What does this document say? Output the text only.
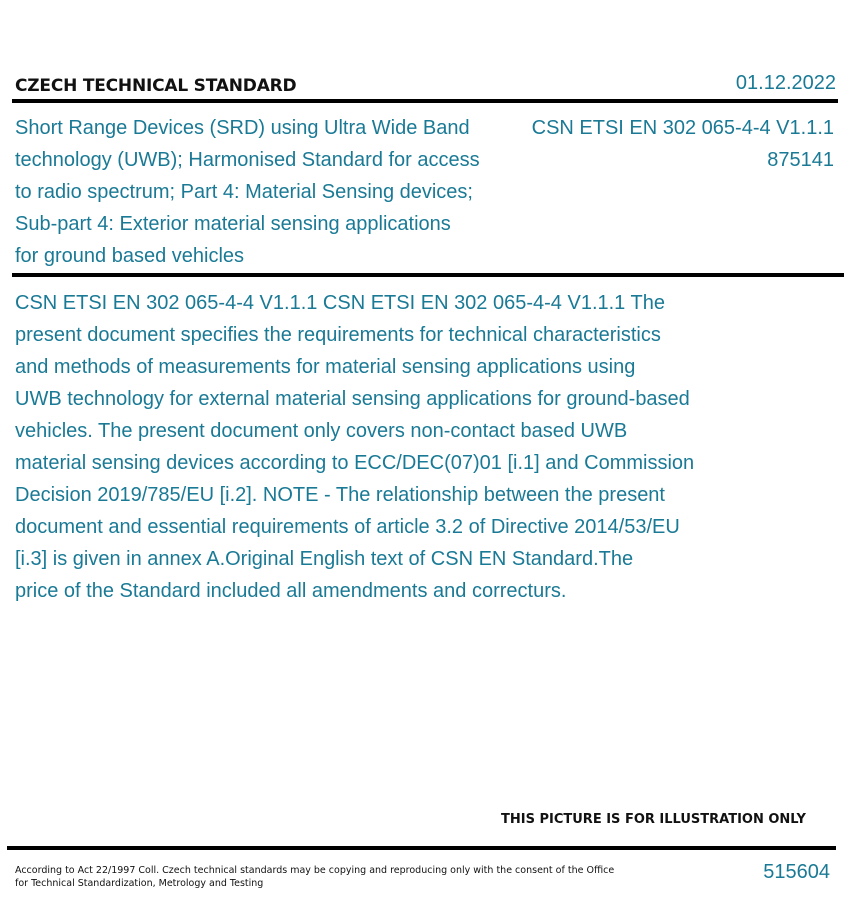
CZECH TECHNICAL STANDARD	01.12.2022
Short Range Devices (SRD) using Ultra Wide Band
technology (UWB); Harmonised Standard for access
to radio spectrum; Part 4: Material Sensing devices;
Sub-part 4: Exterior material sensing applications
for ground based vehicles
CSN ETSI EN 302 065-4-4 V1.1.1
875141
CSN ETSI EN 302 065-4-4 V1.1.1 CSN ETSI EN 302 065-4-4 V1.1.1 The
present document specifies the requirements for technical characteristics
and methods of measurements for material sensing applications using
UWB technology for external material sensing applications for ground-based
vehicles. The present document only covers non-contact based UWB
material sensing devices according to ECC/DEC(07)01 [i.1] and Commission
Decision 2019/785/EU [i.2]. NOTE - The relationship between the present
document and essential requirements of article 3.2 of Directive 2014/53/EU
[i.3] is given in annex A.Original English text of CSN EN Standard.The
price of the Standard included all amendments and correcturs.
THIS PICTURE IS FOR ILLUSTRATION ONLY
According to Act 22/1997 Coll. Czech technical standards may be copying and reproducing only with the consent of the Office
for Technical Standardization, Metrology and Testing
515604
